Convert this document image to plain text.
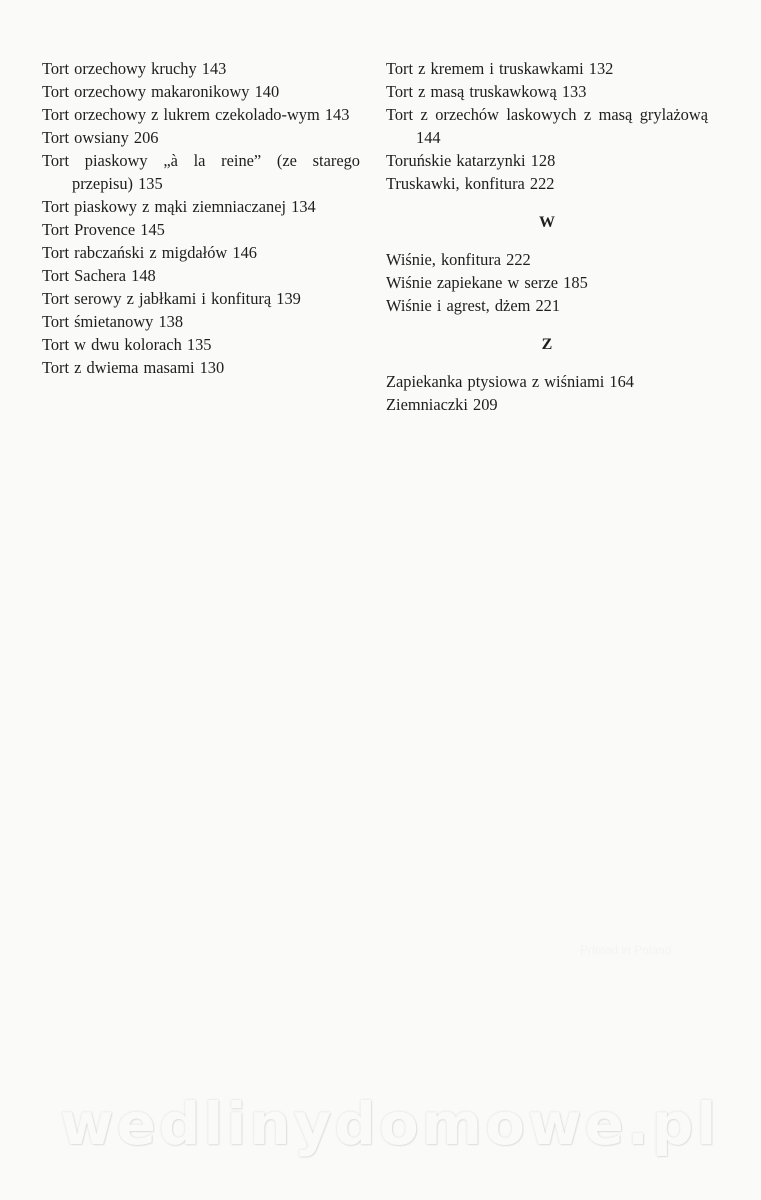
Tort orzechowy kruchy 143
Tort orzechowy makaronikowy 140
Tort orzechowy z lukrem czekolado-wym 143
Tort owsiany 206
Tort piaskowy „à la reine” (ze starego przepisu) 135
Tort piaskowy z mąki ziemniaczanej 134
Tort Provence 145
Tort rabczański z migdałów 146
Tort Sachera 148
Tort serowy z jabłkami i konfiturą 139
Tort śmietanowy 138
Tort w dwu kolorach 135
Tort z dwiema masami 130
Tort z kremem i truskawkami 132
Tort z masą truskawkową 133
Tort z orzechów laskowych z masą grylażową 144
Toruńskie katarzynki 128
Truskawki, konfitura 222
W
Wiśnie, konfitura 222
Wiśnie zapiekane w serze 185
Wiśnie i agrest, dżem 221
Z
Zapiekanka ptysiowa z wiśniami 164
Ziemniaczki 209
Printed in Poland
wedlinydomowe.pl
